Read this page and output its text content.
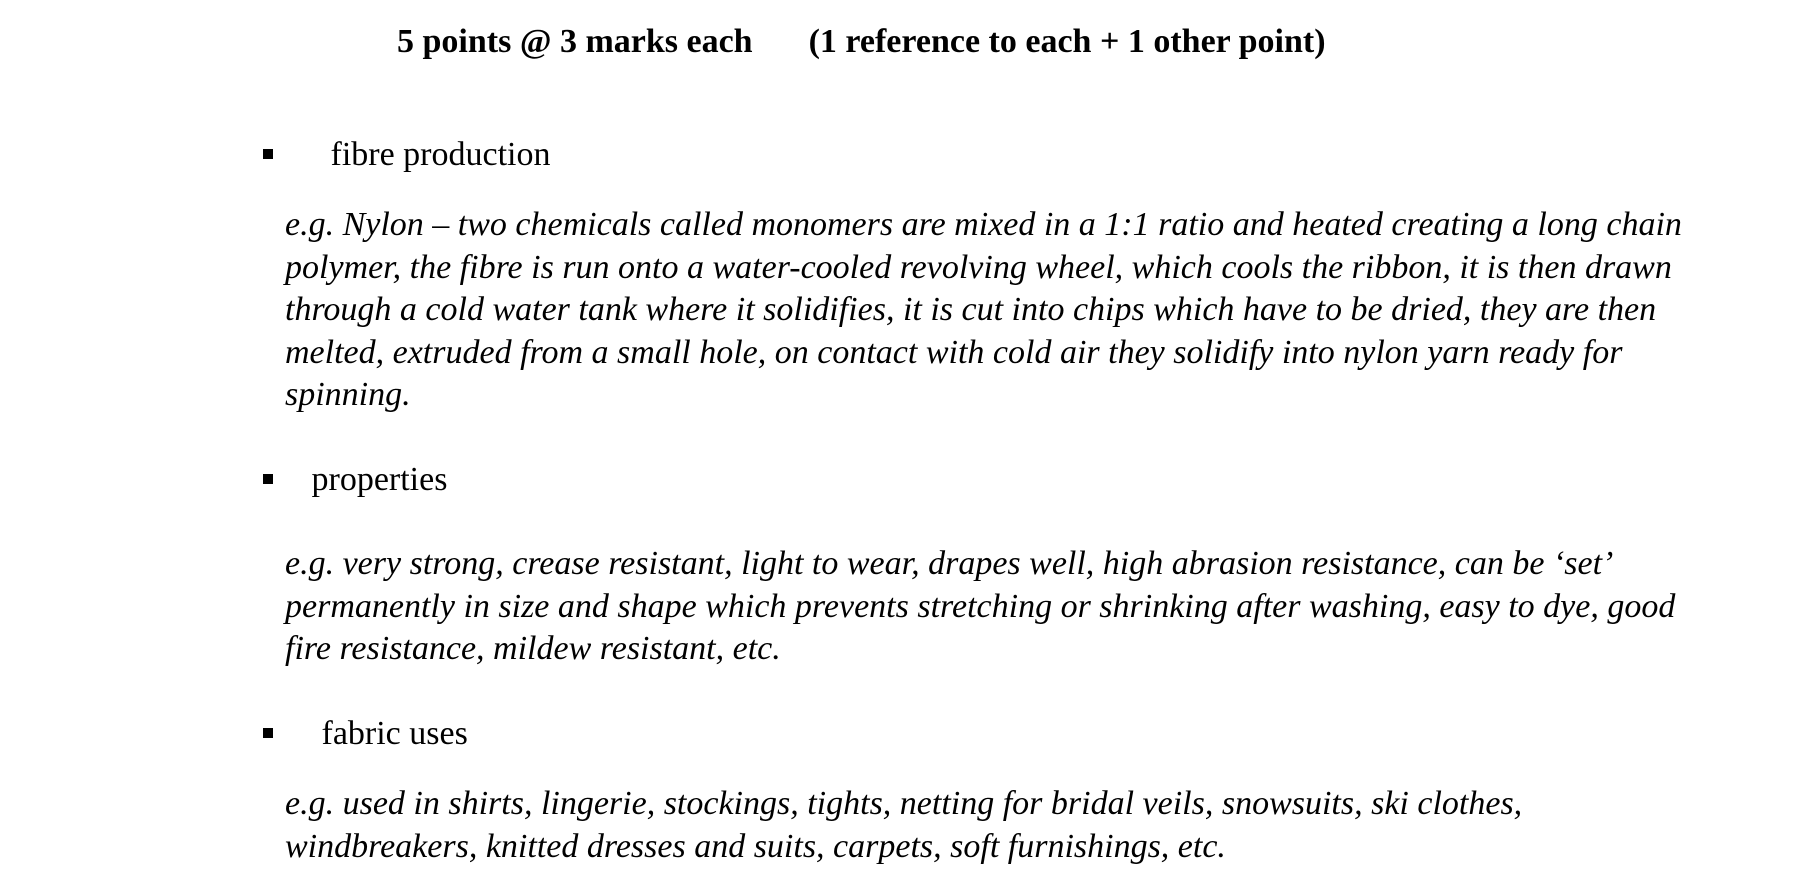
5 points @ 3 marks each (1 reference to each + 1 other point)
fibre production
e.g. Nylon – two chemicals called monomers are mixed in a 1:1 ratio and heated creating a long chain polymer, the fibre is run onto a water-cooled revolving wheel, which cools the ribbon, it is then drawn through a cold water tank where it solidifies, it is cut into chips which have to be dried, they are then melted, extruded from a small hole, on contact with cold air they solidify into nylon yarn ready for spinning.
properties
e.g. very strong, crease resistant, light to wear, drapes well, high abrasion resistance, can be ‘set’ permanently in size and shape which prevents stretching or shrinking after washing, easy to dye, good fire resistance, mildew resistant, etc.
fabric uses
e.g. used in shirts, lingerie, stockings, tights, netting for bridal veils, snowsuits, ski clothes, windbreakers, knitted dresses and suits, carpets, soft furnishings, etc.
